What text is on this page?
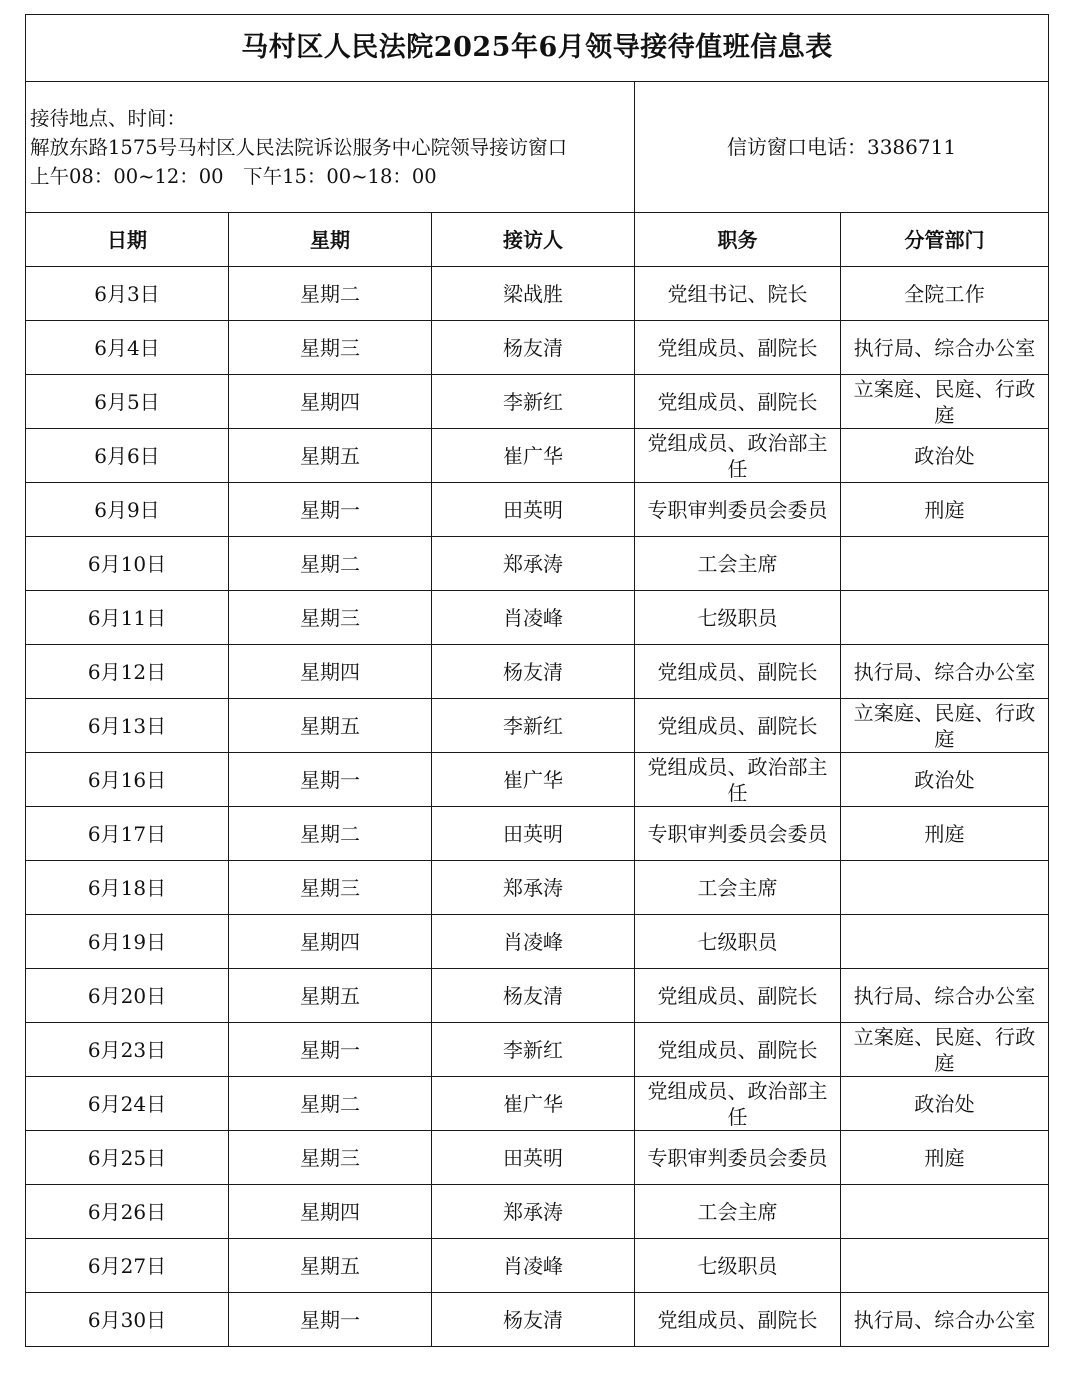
马村区人民法院2025年6月领导接待值班信息表				

接待地点、时间：
解放东路1575号马村区人民法院诉讼服务中心院领导接访窗口
上午08：00~12：00　下午15：00~18：00			信访窗口电话：3386711	
日期	星期	接访人	职务	分管部门
6月3日	星期二	梁战胜	党组书记、院长	全院工作
6月4日	星期三	杨友清	党组成员、副院长	执行局、综合办公室
6月5日	星期四	李新红	党组成员、副院长	立案庭、民庭、行政庭
6月6日	星期五	崔广华	党组成员、政治部主任	政治处
6月9日	星期一	田英明	专职审判委员会委员	刑庭
6月10日	星期二	郑承涛	工会主席	
6月11日	星期三	肖凌峰	七级职员	
6月12日	星期四	杨友清	党组成员、副院长	执行局、综合办公室
6月13日	星期五	李新红	党组成员、副院长	立案庭、民庭、行政庭
6月16日	星期一	崔广华	党组成员、政治部主任	政治处
6月17日	星期二	田英明	专职审判委员会委员	刑庭
6月18日	星期三	郑承涛	工会主席	
6月19日	星期四	肖凌峰	七级职员	
6月20日	星期五	杨友清	党组成员、副院长	执行局、综合办公室
6月23日	星期一	李新红	党组成员、副院长	立案庭、民庭、行政庭
6月24日	星期二	崔广华	党组成员、政治部主任	政治处
6月25日	星期三	田英明	专职审判委员会委员	刑庭
6月26日	星期四	郑承涛	工会主席	
6月27日	星期五	肖凌峰	七级职员	
6月30日	星期一	杨友清	党组成员、副院长	执行局、综合办公室
